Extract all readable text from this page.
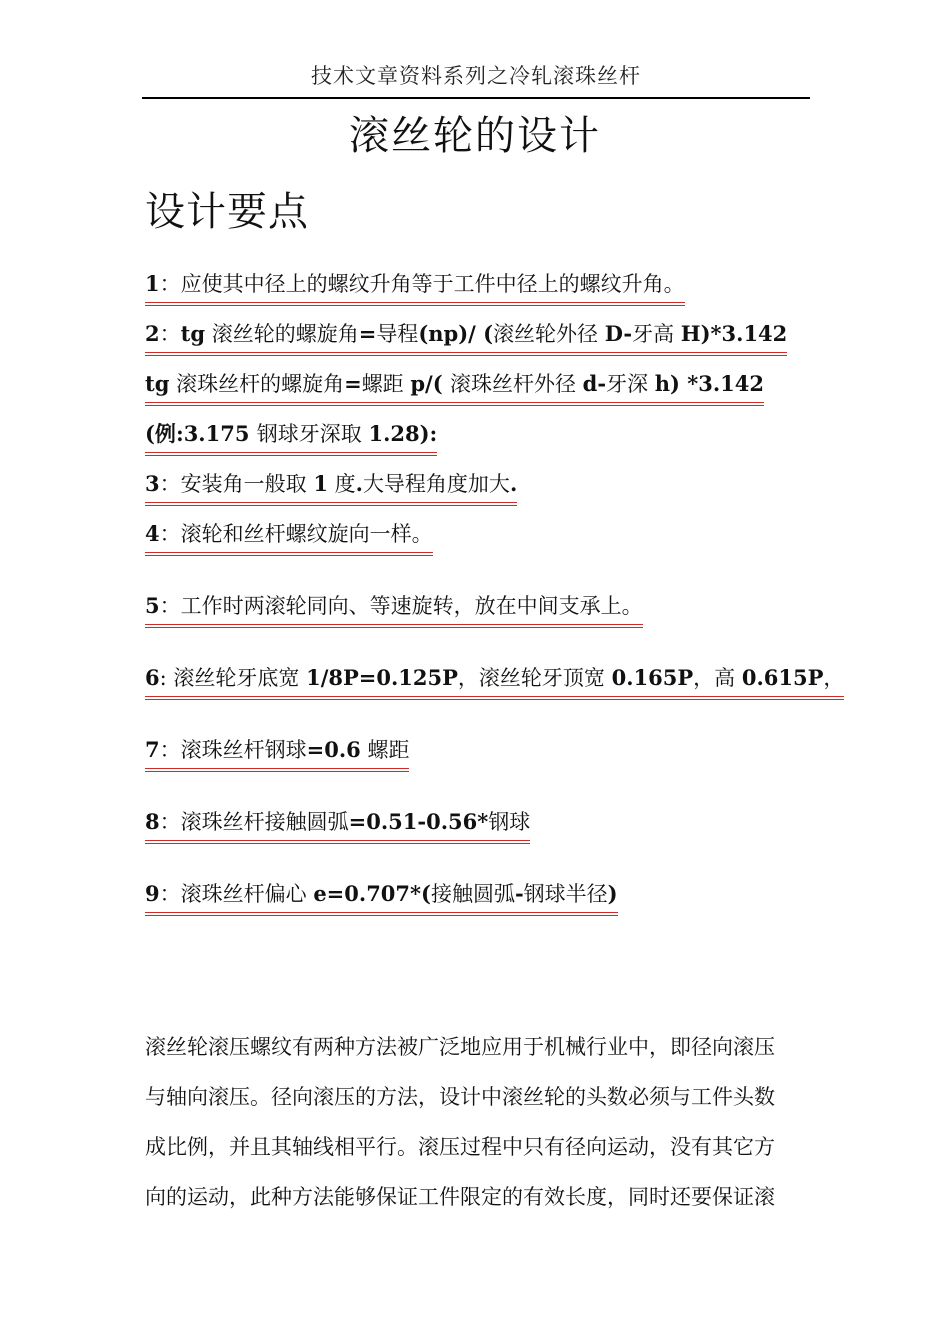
技术文章资料系列之冷轧滚珠丝杆
滚丝轮的设计
设计要点
1：应使其中径上的螺纹升角等于工件中径上的螺纹升角。
2：tg 滚丝轮的螺旋角=导程(np)/ (滚丝轮外径 D-牙高 H)*3.142
tg 滚珠丝杆的螺旋角=螺距 p/( 滚珠丝杆外径 d-牙深 h) *3.142
(例:3.175 钢球牙深取 1.28):
3：安装角一般取 1 度.大导程角度加大.
4：滚轮和丝杆螺纹旋向一样。
5：工作时两滚轮同向、等速旋转，放在中间支承上。
6: 滚丝轮牙底宽 1/8P=0.125P，滚丝轮牙顶宽 0.165P，高 0.615P，
7：滚珠丝杆钢球=0.6 螺距
8：滚珠丝杆接触圆弧=0.51-0.56*钢球
9：滚珠丝杆偏心 e=0.707*(接触圆弧-钢球半径)

滚丝轮滚压螺纹有两种方法被广泛地应用于机械行业中，即径向滚压

与轴向滚压。径向滚压的方法，设计中滚丝轮的头数必须与工件头数

成比例，并且其轴线相平行。滚压过程中只有径向运动，没有其它方

向的运动，此种方法能够保证工件限定的有效长度，同时还要保证滚
